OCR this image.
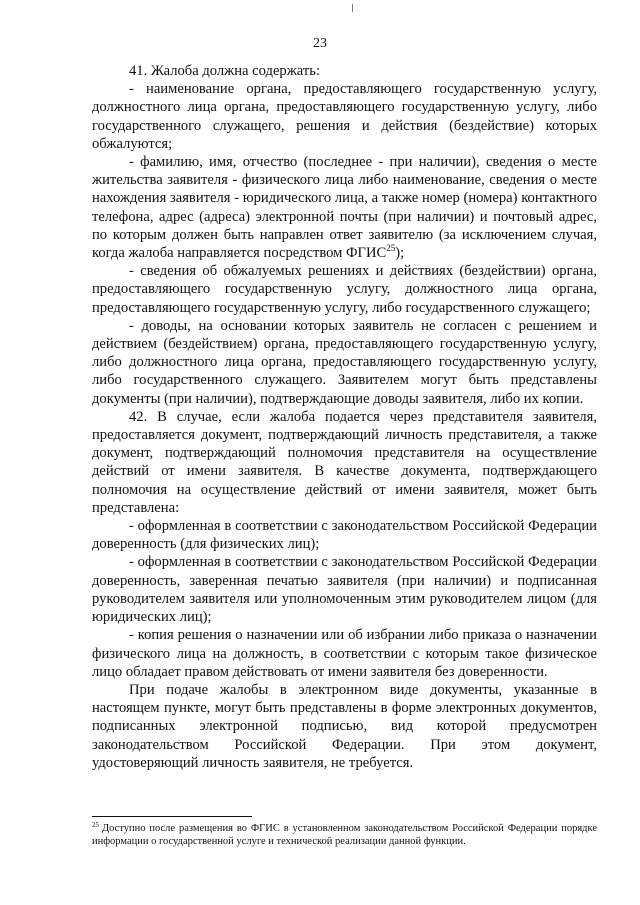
23

41. Жалоба должна содержать:

- наименование органа, предоставляющего государственную услугу, должностного лица органа, предоставляющего государственную услугу, либо государственного служащего, решения и действия (бездействие) которых обжалуются;

- фамилию, имя, отчество (последнее - при наличии), сведения о месте жительства заявителя - физического лица либо наименование, сведения о месте нахождения заявителя - юридического лица, а также номер (номера) контактного телефона, адрес (адреса) электронной почты (при наличии) и почтовый адрес, по которым должен быть направлен ответ заявителю (за исключением случая, когда жалоба направляется посредством ФГИС$^{25}$);

- сведения об обжалуемых решениях и действиях (бездействии) органа, предоставляющего государственную услугу, должностного лица органа, предоставляющего государственную услугу, либо государственного служащего;

- доводы, на основании которых заявитель не согласен с решением и действием (бездействием) органа, предоставляющего государственную услугу, либо должностного лица органа, предоставляющего государственную услугу, либо государственного служащего. Заявителем могут быть представлены документы (при наличии), подтверждающие доводы заявителя, либо их копии.

42. В случае, если жалоба подается через представителя заявителя, предоставляется документ, подтверждающий личность представителя, а также документ, подтверждающий полномочия представителя на осуществление действий от имени заявителя. В качестве документа, подтверждающего полномочия на осуществление действий от имени заявителя, может быть представлена:

- оформленная в соответствии с законодательством Российской Федерации доверенность (для физических лиц);

- оформленная в соответствии с законодательством Российской Федерации доверенность, заверенная печатью заявителя (при наличии) и подписанная руководителем заявителя или уполномоченным этим руководителем лицом (для юридических лиц);

- копия решения о назначении или об избрании либо приказа о назначении физического лица на должность, в соответствии с которым такое физическое лицо обладает правом действовать от имени заявителя без доверенности.

При подаче жалобы в электронном виде документы, указанные в настоящем пункте, могут быть представлены в форме электронных документов, подписанных электронной подписью, вид которой предусмотрен законодательством Российской Федерации. При этом документ, удостоверяющий личность заявителя, не требуется.

$^{25}$ Доступно после размещения во ФГИС в установленном законодательством Российской Федерации порядке информации о государственной услуге и технической реализации данной функции.
